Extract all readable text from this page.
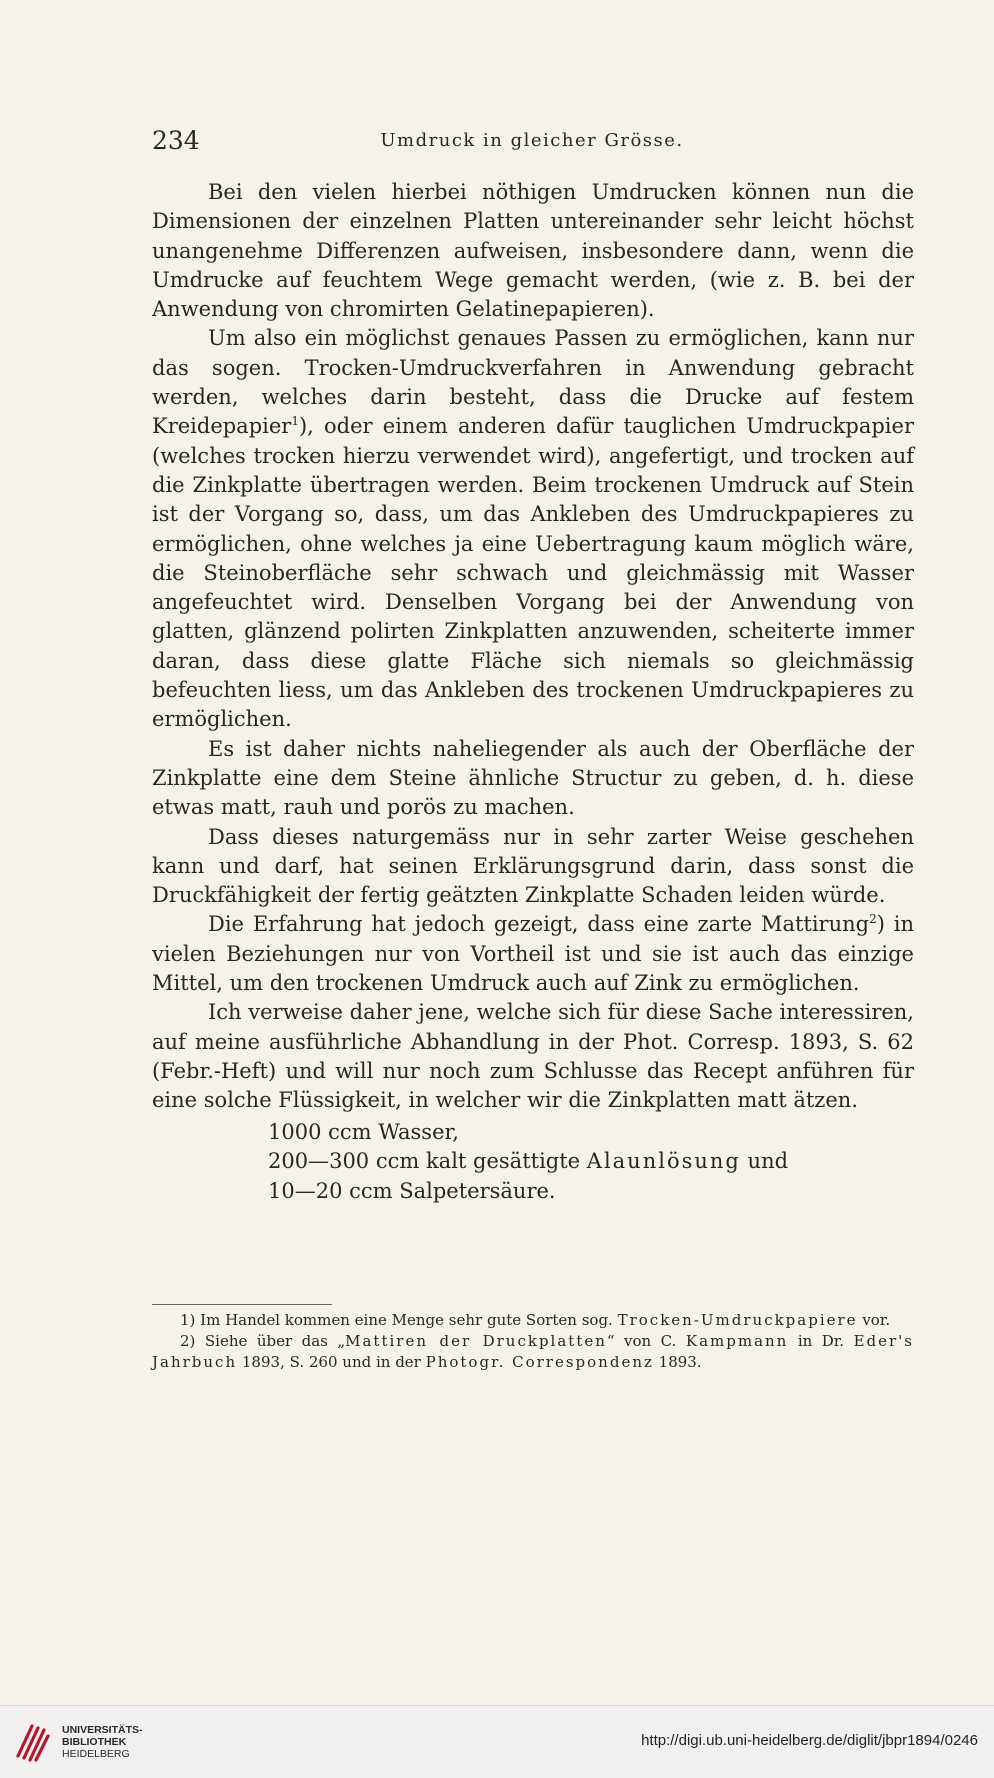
234	Umdruck in gleicher Grösse.

Bei den vielen hierbei nöthigen Umdrucken können nun die Dimensionen der einzelnen Platten untereinander sehr leicht höchst unangenehme Differenzen aufweisen, insbesondere dann, wenn die Umdrucke auf feuchtem Wege gemacht werden, (wie z. B. bei der Anwendung von chromirten Gelatinepapieren).

Um also ein möglichst genaues Passen zu ermöglichen, kann nur das sogen. Trocken-Umdruckverfahren in Anwendung gebracht werden, welches darin besteht, dass die Drucke auf festem Kreidepapier$^1$), oder einem anderen dafür tauglichen Umdruckpapier (welches trocken hierzu verwendet wird), angefertigt, und trocken auf die Zinkplatte übertragen werden. Beim trockenen Umdruck auf Stein ist der Vorgang so, dass, um das Ankleben des Umdruckpapieres zu ermöglichen, ohne welches ja eine Uebertragung kaum möglich wäre, die Steinoberfläche sehr schwach und gleichmässig mit Wasser angefeuchtet wird. Denselben Vorgang bei der Anwendung von glatten, glänzend polirten Zinkplatten anzuwenden, scheiterte immer daran, dass diese glatte Fläche sich niemals so gleichmässig befeuchten liess, um das Ankleben des trockenen Umdruckpapieres zu ermöglichen.

Es ist daher nichts naheliegender als auch der Oberfläche der Zinkplatte eine dem Steine ähnliche Structur zu geben, d. h. diese etwas matt, rauh und porös zu machen.

Dass dieses naturgemäss nur in sehr zarter Weise geschehen kann und darf, hat seinen Erklärungsgrund darin, dass sonst die Druckfähigkeit der fertig geätzten Zinkplatte Schaden leiden würde.

Die Erfahrung hat jedoch gezeigt, dass eine zarte Mattirung$^2$) in vielen Beziehungen nur von Vortheil ist und sie ist auch das einzige Mittel, um den trockenen Umdruck auch auf Zink zu ermöglichen.

Ich verweise daher jene, welche sich für diese Sache interessiren, auf meine ausführliche Abhandlung in der Phot. Corresp. 1893, S. 62 (Febr.-Heft) und will nur noch zum Schlusse das Recept anführen für eine solche Flüssigkeit, in welcher wir die Zinkplatten matt ätzen.

1000 ccm Wasser,
200—300 ccm kalt gesättigte Alaunlösung und
10—20 ccm Salpetersäure.

1) Im Handel kommen eine Menge sehr gute Sorten sog. Trocken-Umdruckpapiere vor.

2) Siehe über das „Mattiren der Druckplatten“ von C. Kampmann in Dr. Eder's Jahrbuch 1893, S. 260 und in der Photogr. Correspondenz 1893.

UNIVERSITÄTS-
BIBLIOTHEK
HEIDELBERG
http://digi.ub.uni-heidelberg.de/diglit/jbpr1894/0246
